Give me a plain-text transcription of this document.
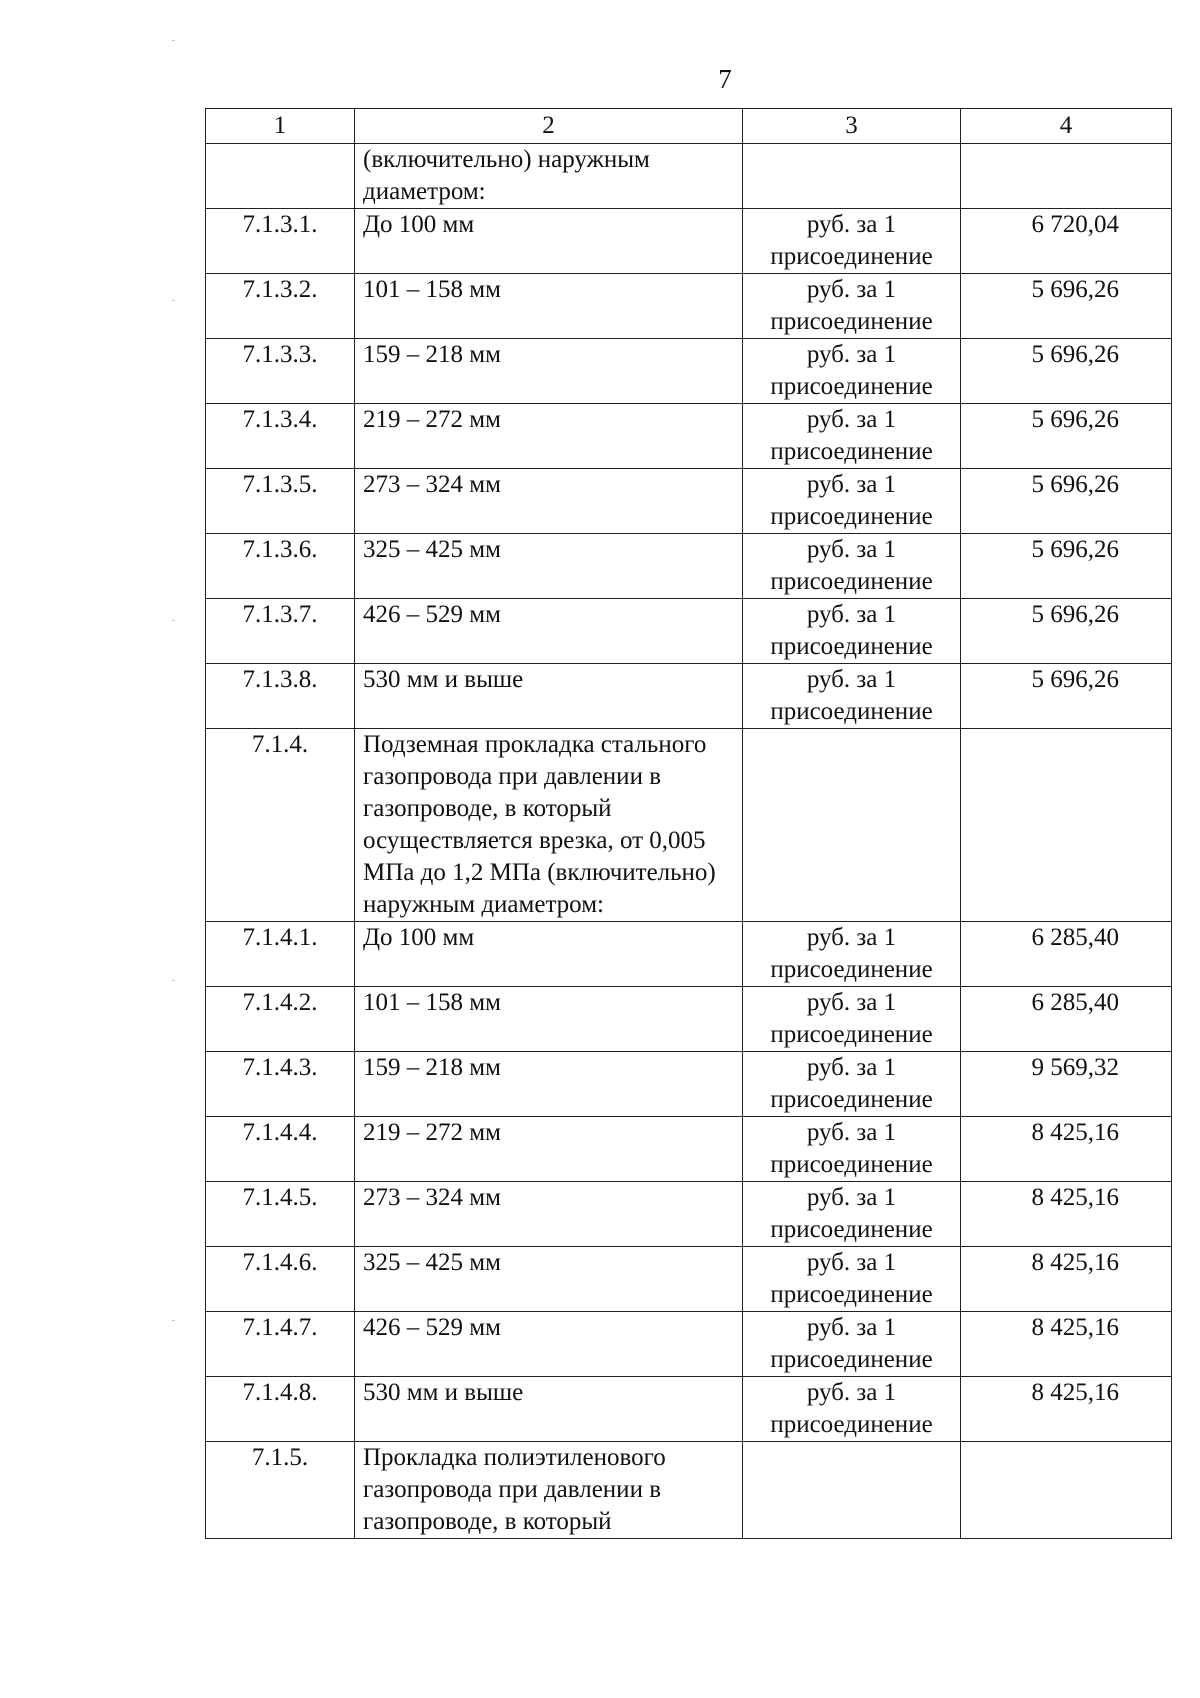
7
1	2	3	4
	(включительно) наружным диаметром:		
7.1.3.1.	До 100 мм	руб. за 1 присоединение	6 720,04
7.1.3.2.	101 – 158 мм	руб. за 1 присоединение	5 696,26
7.1.3.3.	159 – 218 мм	руб. за 1 присоединение	5 696,26
7.1.3.4.	219 – 272 мм	руб. за 1 присоединение	5 696,26
7.1.3.5.	273 – 324 мм	руб. за 1 присоединение	5 696,26
7.1.3.6.	325 – 425 мм	руб. за 1 присоединение	5 696,26
7.1.3.7.	426 – 529 мм	руб. за 1 присоединение	5 696,26
7.1.3.8.	530 мм и выше	руб. за 1 присоединение	5 696,26
7.1.4.	Подземная прокладка стального газопровода при давлении в газопроводе, в который осуществляется врезка, от 0,005 МПа до 1,2 МПа (включительно) наружным диаметром:		
7.1.4.1.	До 100 мм	руб. за 1 присоединение	6 285,40
7.1.4.2.	101 – 158 мм	руб. за 1 присоединение	6 285,40
7.1.4.3.	159 – 218 мм	руб. за 1 присоединение	9 569,32
7.1.4.4.	219 – 272 мм	руб. за 1 присоединение	8 425,16
7.1.4.5.	273 – 324 мм	руб. за 1 присоединение	8 425,16
7.1.4.6.	325 – 425 мм	руб. за 1 присоединение	8 425,16
7.1.4.7.	426 – 529 мм	руб. за 1 присоединение	8 425,16
7.1.4.8.	530 мм и выше	руб. за 1 присоединение	8 425,16
7.1.5.	Прокладка полиэтиленового газопровода при давлении в газопроводе, в который		
